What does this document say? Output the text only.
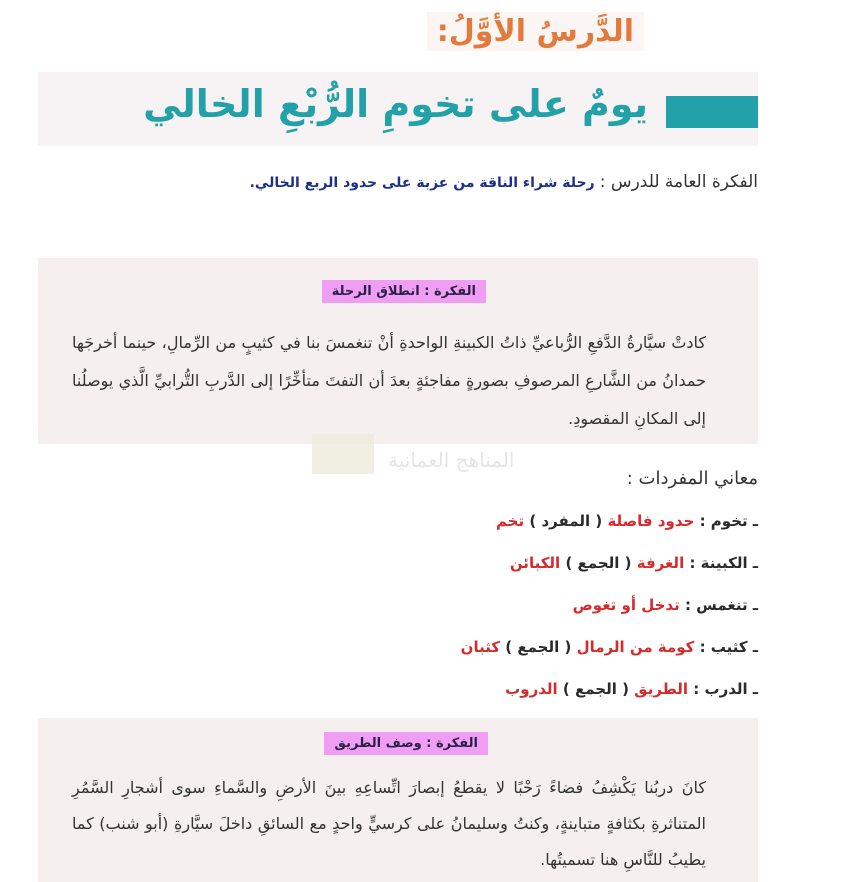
الدَّرسُ الأوَّلُ:
يومٌ على تخومِ الرُّبْعِ الخالي
الفكرة العامة للدرس : رحلة شراء الناقة من عزبة على حدود الربع الخالي.
الفكرة : انطلاق الرحلة
كادتْ سيَّارةُ الدَّفعِ الرُّباعيِّ ذاتُ الكبينةِ الواحدةِ أنْ تنغمسَ بنا في كثيبٍ من الرِّمالِ، حينما أخرجَها حمدانُ من الشَّارعِ المرصوفِ بصورةٍ مفاجئةٍ بعدَ أن التفتَ متأخِّرًا إلى الدَّربِ التُّرابيِّ الَّذي يوصلُنا إلى المكانِ المقصودِ.
المناهج العمانية
معاني المفردات :
ـ تخوم : حدود فاصلة ( المفرد ) تخم
ـ الكبينة : الغرفة ( الجمع ) الكبائن
ـ تنغمس : تدخل أو تغوص
ـ كثيب : كومة من الرمال ( الجمع ) كثبان
ـ الدرب : الطريق ( الجمع ) الدروب
الفكرة : وصف الطريق
كانَ دربُنا يَكْشِفُ فضاءً رَحْبًا لا يقطعُ إبصارَ اتِّساعِهِ بينَ الأرضِ والسَّماءِ سوى أشجارِ السَّمُرِ المتناثرةِ بكثافةٍ متباينةٍ، وكنتُ وسليمانُ على كرسيٍّ واحدٍ مع السائقِ داخلَ سيَّارةِ (أبو شنب) كما يطيبُ للنَّاسِ هنا تسميتُها.
